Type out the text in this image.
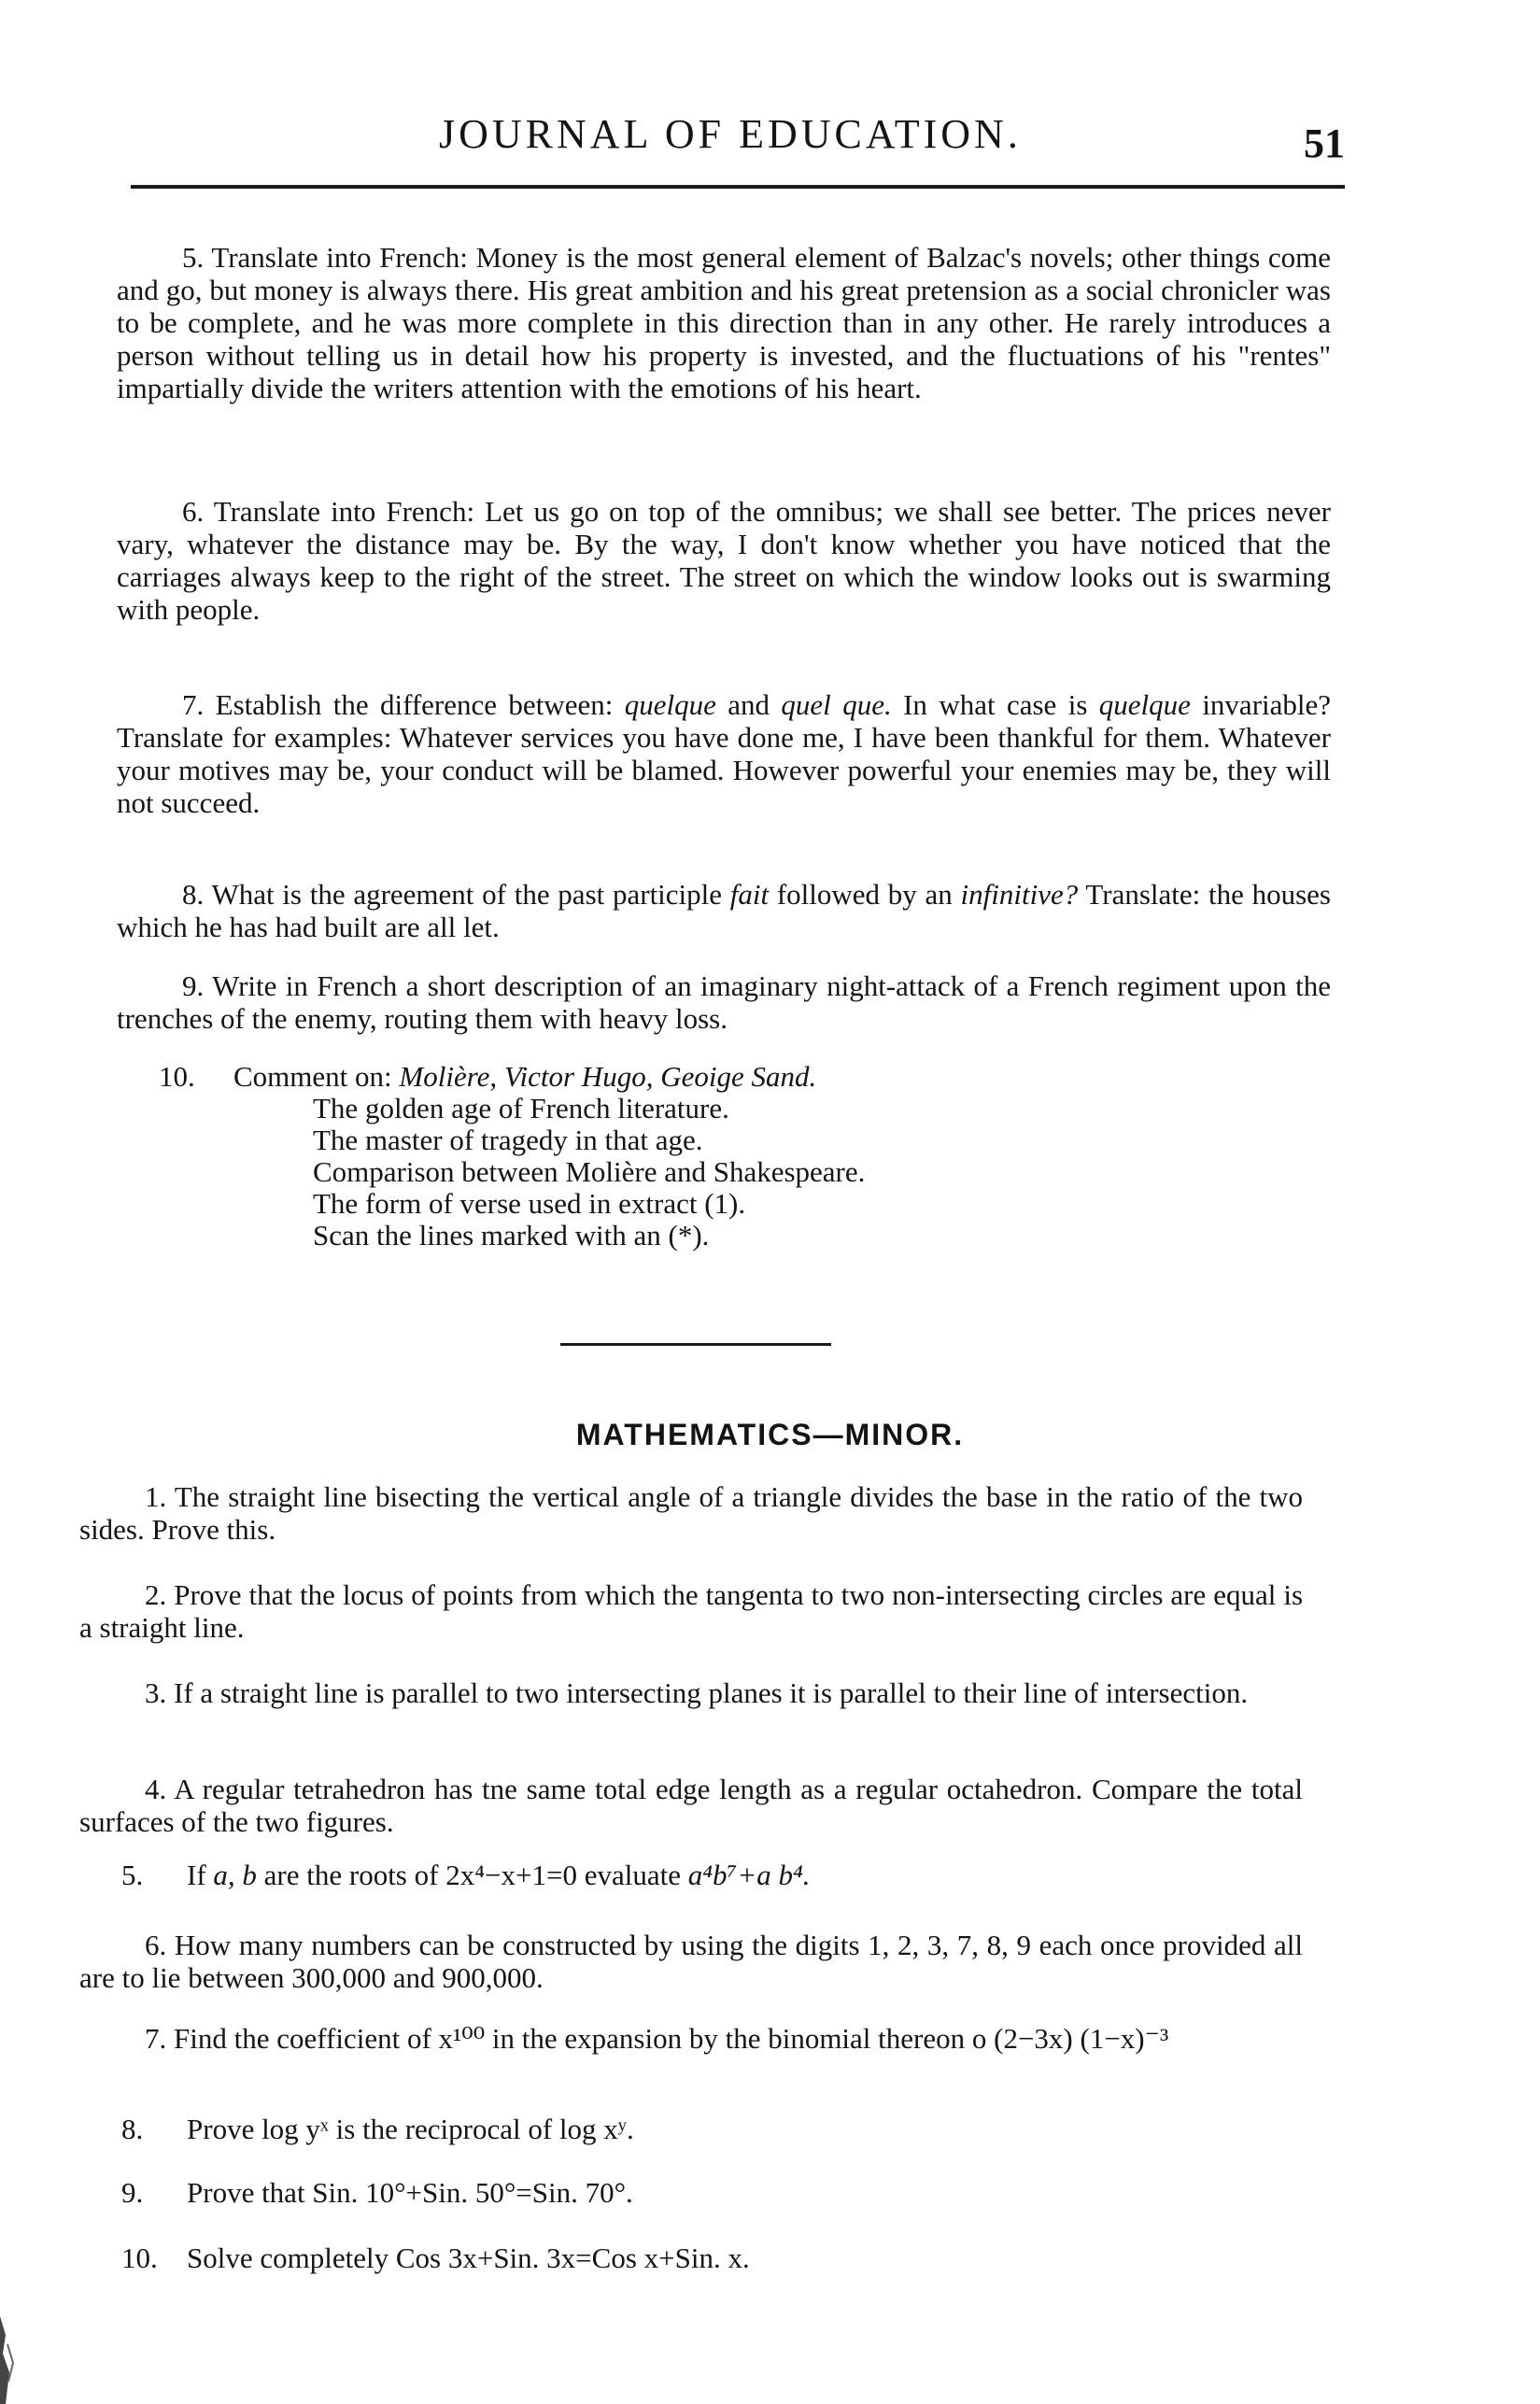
JOURNAL OF EDUCATION.	51
5. Translate into French: Money is the most general element of Balzac's novels; other things come and go, but money is always there. His great ambition and his great pretension as a social chronicler was to be complete, and he was more complete in this direction than in any other. He rarely introduces a person without telling us in detail how his property is invested, and the fluctuations of his "rentes" impartially divide the writers attention with the emotions of his heart.
6. Translate into French: Let us go on top of the omnibus; we shall see better. The prices never vary, whatever the distance may be. By the way, I don't know whether you have noticed that the carriages always keep to the right of the street. The street on which the window looks out is swarming with people.
7. Establish the difference between: quelque and quel que. In what case is quelque invariable? Translate for examples: Whatever services you have done me, I have been thankful for them. Whatever your motives may be, your conduct will be blamed. However powerful your enemies may be, they will not succeed.
8. What is the agreement of the past participle fait followed by an infinitive? Translate: the houses which he has had built are all let.
9. Write in French a short description of an imaginary night-attack of a French regiment upon the trenches of the enemy, routing them with heavy loss.
10. Comment on: Molière, Victor Hugo, Geoige Sand.
The golden age of French literature.
The master of tragedy in that age.
Comparison between Molière and Shakespeare.
The form of verse used in extract (1).
Scan the lines marked with an (*).
MATHEMATICS—MINOR.
1. The straight line bisecting the vertical angle of a triangle divides the base in the ratio of the two sides. Prove this.
2. Prove that the locus of points from which the tangenta to two non-intersecting circles are equal is a straight line.
3. If a straight line is parallel to two intersecting planes it is parallel to their line of intersection.
4. A regular tetrahedron has tne same total edge length as a regular octahedron. Compare the total surfaces of the two figures.
5. If a, b are the roots of 2x⁴−x+1=0 evaluate a⁴b⁷+a b⁴.
6. How many numbers can be constructed by using the digits 1, 2, 3, 7, 8, 9 each once provided all are to lie between 300,000 and 900,000.
7. Find the coefficient of x¹⁰⁰ in the expansion by the binomial thereon o (2−3x) (1−x)⁻³
8. Prove log yˣ is the reciprocal of log xʸ.
9. Prove that Sin. 10°+Sin. 50°=Sin. 70°.
10. Solve completely Cos 3x+Sin. 3x=Cos x+Sin. x.
